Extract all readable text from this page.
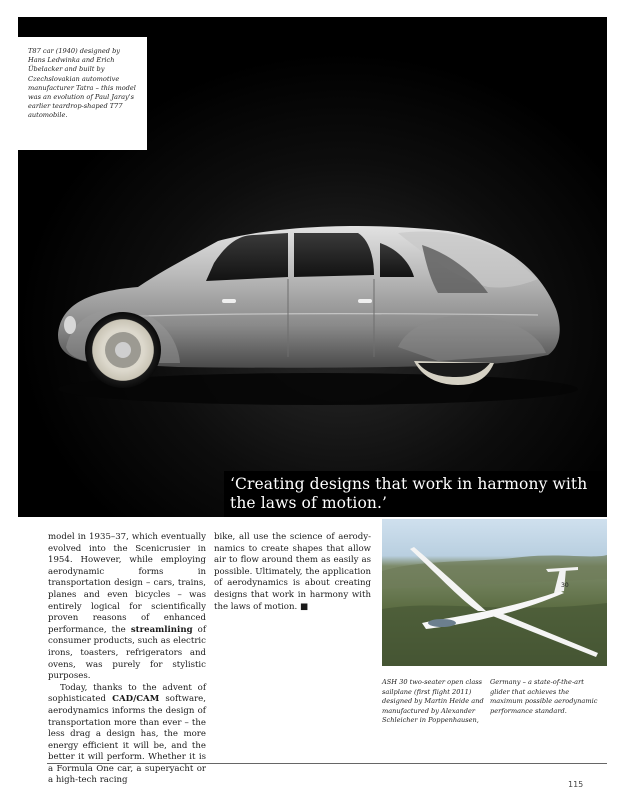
T87 car (1940) designed by Hans Ledwinka and Erich Übelacker and built by Czechslovakian automotive manufacturer Tatra – this model was an evolution of Paul Jaray's earlier teardrop-shaped T77 automobile.

‘Creating designs that work in harmony with the laws of motion.’

model in 1935–37, which eventually evolved into the Scenicrusier in 1954. However, while employing aerodynamic forms in transportation design – cars, trains, planes and even bicycles – was entirely logical for scientifically proven reasons of enhanced performance, the streamlining of consumer products, such as electric irons, toasters, refrigerators and ovens, was purely for stylistic purposes.

Today, thanks to the advent of sophisticated CAD/CAM software, aerodynamics informs the design of transportation more than ever – the less drag a design has, the more energy efficient it will be, and the better it will perform. Whether it is a Formula One car, a superyacht or a high-tech racing

bike, all use the science of aerodynamics to create shapes that allow air to flow around them as easily as possible. Ultimately, the application of aerodynamics is about creating designs that work in harmony with the laws of motion. ■

30

ASH 30 two-seater open class sailplane (first flight 2011) designed by Martin Heide and manufactured by Alexander Schleicher in Poppenhausen,

Germany – a state-of-the-art glider that achieves the maximum possible aerodynamic performance standard.

115
